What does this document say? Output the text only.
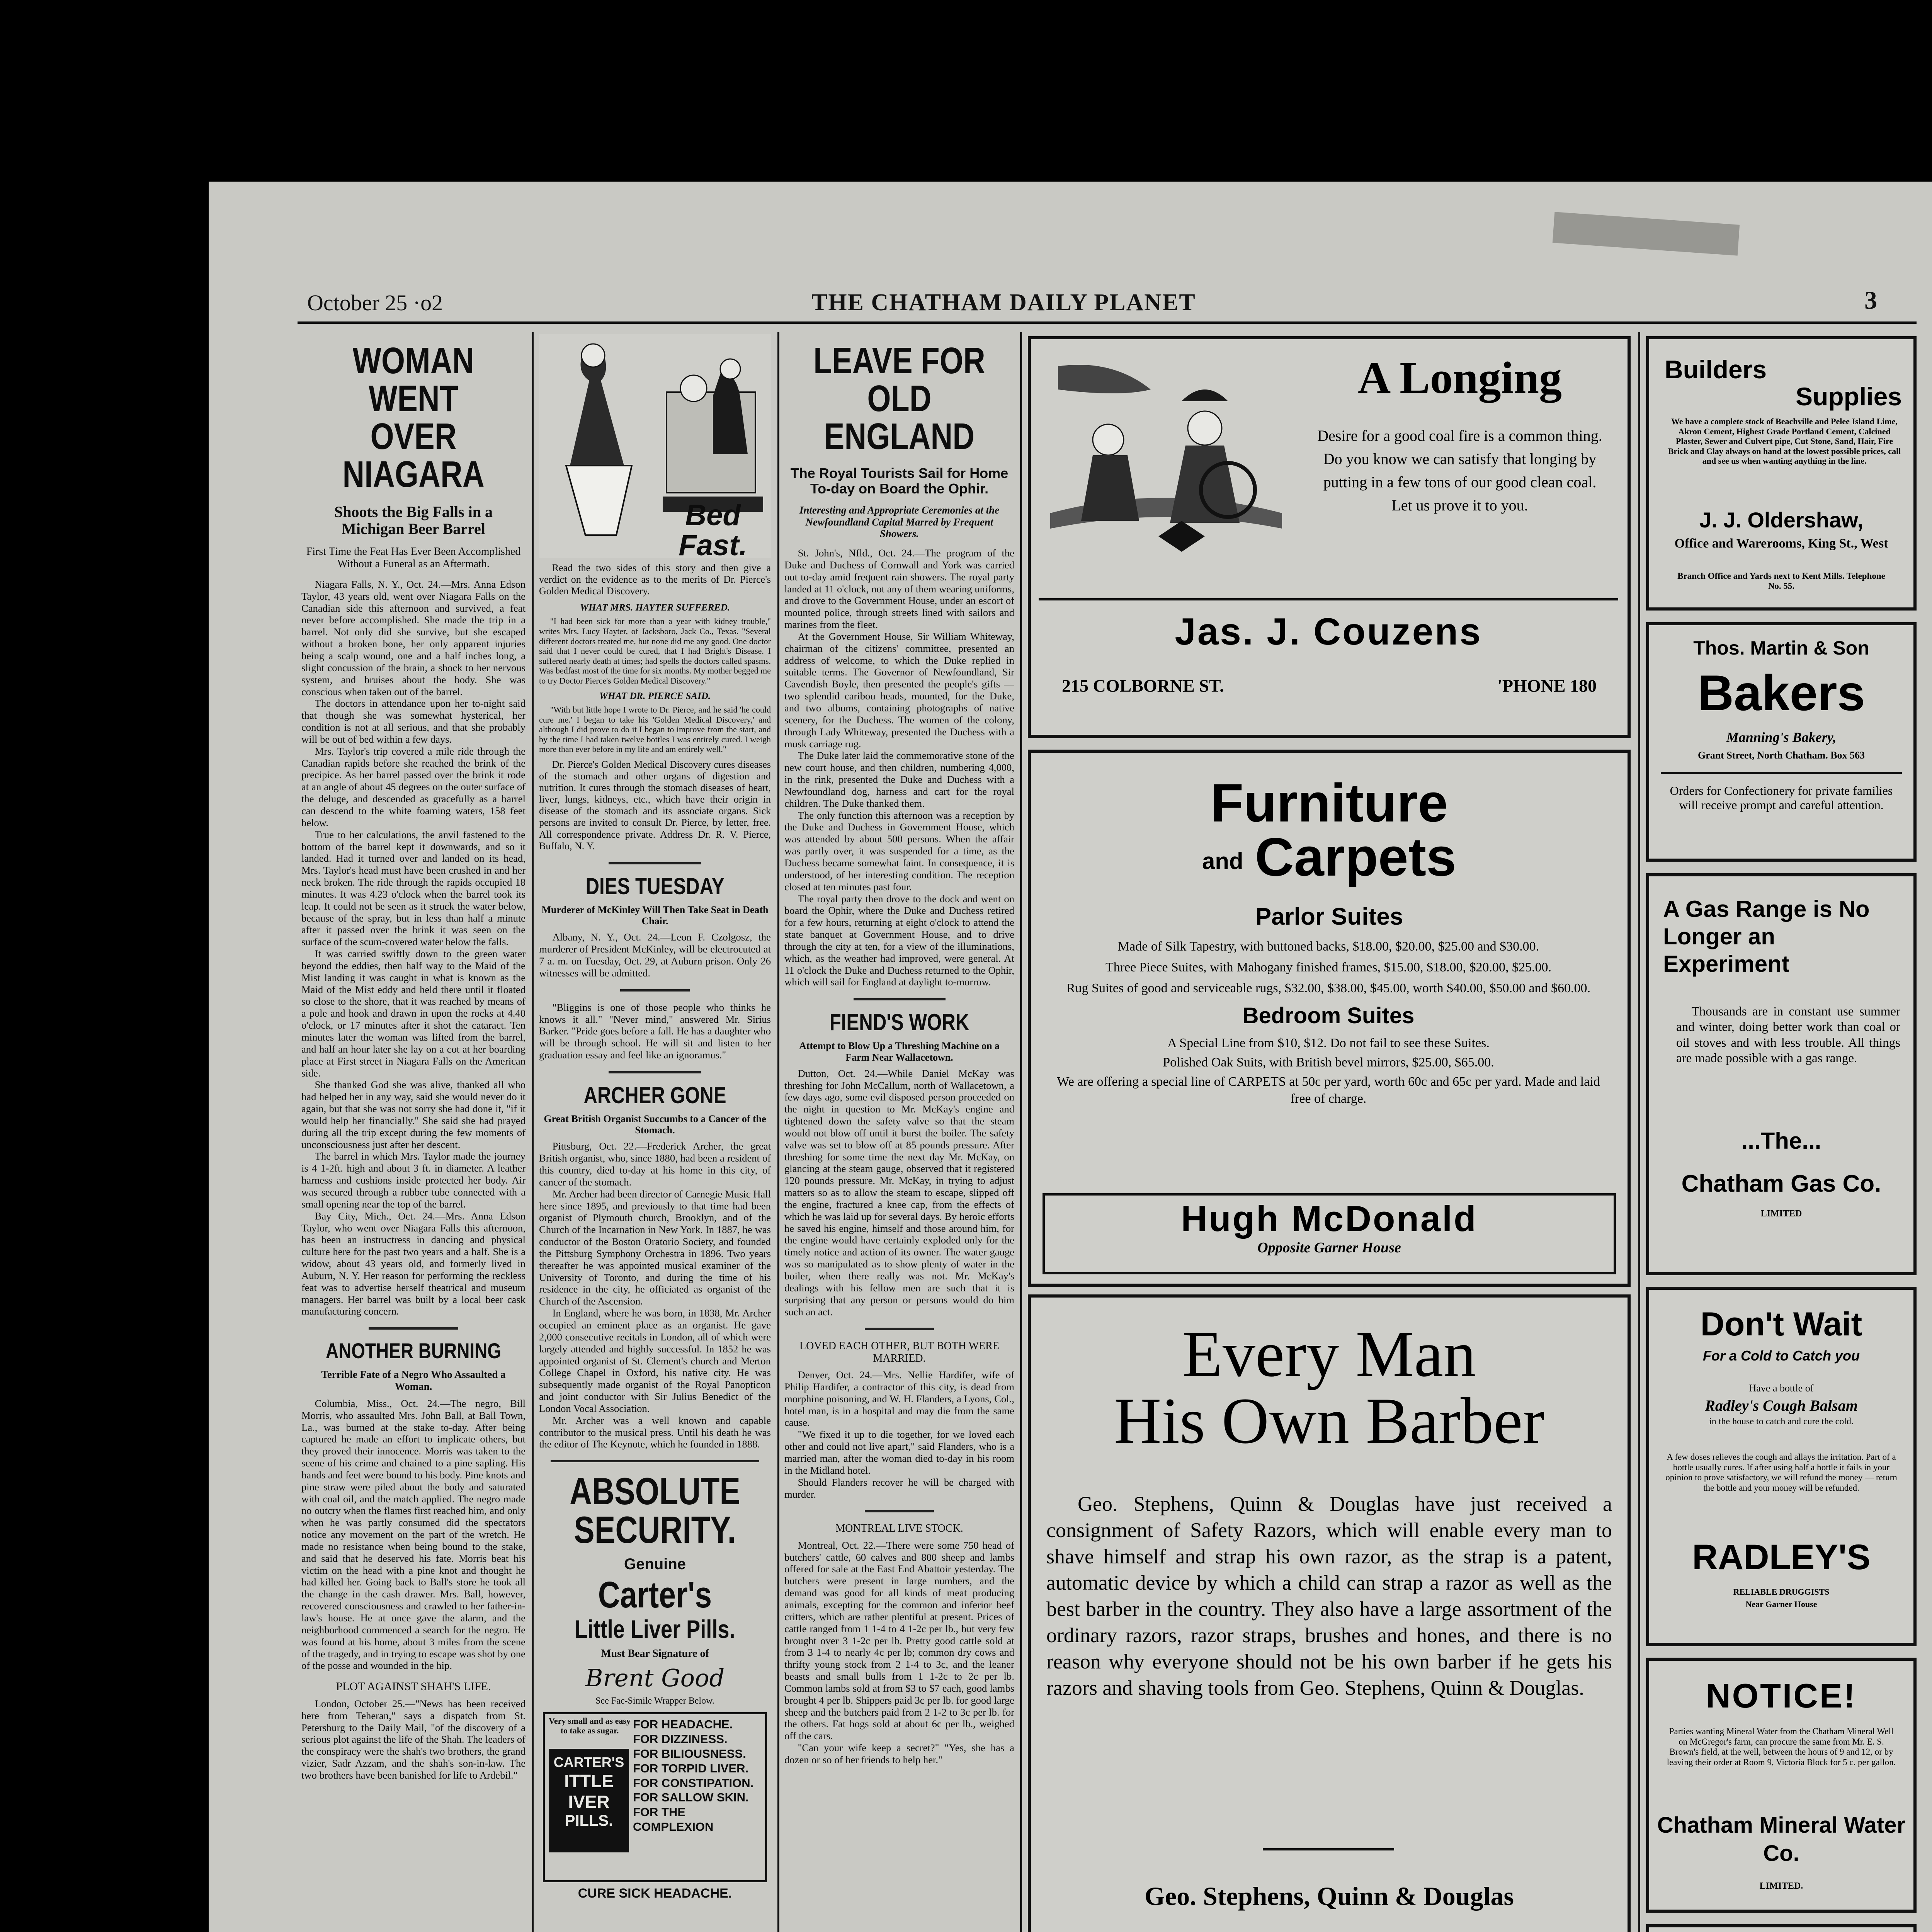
October 25 ·o2	THE CHATHAM DAILY PLANET	3
WOMAN WENT OVER NIAGARA
Shoots the Big Falls in a Michigan Beer Barrel
First Time the Feat Has Ever Been Accomplished Without a Funeral as an Aftermath.

Niagara Falls, N. Y., Oct. 24.—Mrs. Anna Edson Taylor, 43 years old, went over Niagara Falls on the Canadian side this afternoon and survived, a feat never before accomplished. She made the trip in a barrel. Not only did she survive, but she escaped without a broken bone, her only apparent injuries being a scalp wound, one and a half inches long, a slight concussion of the brain, a shock to her nervous system, and bruises about the body. She was conscious when taken out of the barrel.

The doctors in attendance upon her to-night said that though she was somewhat hysterical, her condition is not at all serious, and that she probably will be out of bed within a few days.

Mrs. Taylor's trip covered a mile ride through the Canadian rapids before she reached the brink of the precipice. As her barrel passed over the brink it rode at an angle of about 45 degrees on the outer surface of the deluge, and descended as gracefully as a barrel can descend to the white foaming waters, 158 feet below.

True to her calculations, the anvil fastened to the bottom of the barrel kept it downwards, and so it landed. Had it turned over and landed on its head, Mrs. Taylor's head must have been crushed in and her neck broken. The ride through the rapids occupied 18 minutes. It was 4.23 o'clock when the barrel took its leap. It could not be seen as it struck the water below, because of the spray, but in less than half a minute after it passed over the brink it was seen on the surface of the scum-covered water below the falls.

It was carried swiftly down to the green water beyond the eddies, then half way to the Maid of the Mist landing it was caught in what is known as the Maid of the Mist eddy and held there until it floated so close to the shore, that it was reached by means of a pole and hook and drawn in upon the rocks at 4.40 o'clock, or 17 minutes after it shot the cataract. Ten minutes later the woman was lifted from the barrel, and half an hour later she lay on a cot at her boarding place at First street in Niagara Falls on the American side.

She thanked God she was alive, thanked all who had helped her in any way, said she would never do it again, but that she was not sorry she had done it, "if it would help her financially." She said she had prayed during all the trip except during the few moments of unconsciousness just after her descent.

The barrel in which Mrs. Taylor made the journey is 4 1-2ft. high and about 3 ft. in diameter. A leather harness and cushions inside protected her body. Air was secured through a rubber tube connected with a small opening near the top of the barrel.

Bay City, Mich., Oct. 24.—Mrs. Anna Edson Taylor, who went over Niagara Falls this afternoon, has been an instructress in dancing and physical culture here for the past two years and a half. She is a widow, about 43 years old, and formerly lived in Auburn, N. Y. Her reason for performing the reckless feat was to advertise herself theatrical and museum managers. Her barrel was built by a local beer cask manufacturing concern.

ANOTHER BURNING
Terrible Fate of a Negro Who Assaulted a Woman.

Columbia, Miss., Oct. 24.—The negro, Bill Morris, who assaulted Mrs. John Ball, at Ball Town, La., was burned at the stake to-day. After being captured he made an effort to implicate others, but they proved their innocence. Morris was taken to the scene of his crime and chained to a pine sapling. His hands and feet were bound to his body. Pine knots and pine straw were piled about the body and saturated with coal oil, and the match applied. The negro made no outcry when the flames first reached him, and only when he was partly consumed did the spectators notice any movement on the part of the wretch. He made no resistance when being bound to the stake, and said that he deserved his fate. Morris beat his victim on the head with a pine knot and thought he had killed her. Going back to Ball's store he took all the change in the cash drawer. Mrs. Ball, however, recovered consciousness and crawled to her father-in-law's house. He at once gave the alarm, and the neighborhood commenced a search for the negro. He was found at his home, about 3 miles from the scene of the tragedy, and in trying to escape was shot by one of the posse and wounded in the hip.

PLOT AGAINST SHAH'S LIFE.

London, October 25.—"News has been received here from Teheran," says a dispatch from St. Petersburg to the Daily Mail, "of the discovery of a serious plot against the life of the Shah. The leaders of the conspiracy were the shah's two brothers, the grand vizier, Sadr Azzam, and the shah's son-in-law. The two brothers have been banished for life to Ardebil."

Bed
Fast.

Read the two sides of this story and then give a verdict on the evidence as to the merits of Dr. Pierce's Golden Medical Discovery.

WHAT MRS. HAYTER SUFFERED.

"I had been sick for more than a year with kidney trouble," writes Mrs. Lucy Hayter, of Jacksboro, Jack Co., Texas. "Several different doctors treated me, but none did me any good. One doctor said that I never could be cured, that I had Bright's Disease. I suffered nearly death at times; had spells the doctors called spasms. Was bedfast most of the time for six months. My mother begged me to try Doctor Pierce's Golden Medical Discovery."

WHAT DR. PIERCE SAID.

"With but little hope I wrote to Dr. Pierce, and he said 'he could cure me.' I began to take his 'Golden Medical Discovery,' and although I did prove to do it I began to improve from the start, and by the time I had taken twelve bottles I was entirely cured. I weigh more than ever before in my life and am entirely well."

Dr. Pierce's Golden Medical Discovery cures diseases of the stomach and other organs of digestion and nutrition. It cures through the stomach diseases of heart, liver, lungs, kidneys, etc., which have their origin in disease of the stomach and its associate organs. Sick persons are invited to consult Dr. Pierce, by letter, free. All correspondence private. Address Dr. R. V. Pierce, Buffalo, N. Y.

DIES TUESDAY
Murderer of McKinley Will Then Take Seat in Death Chair.

Albany, N. Y., Oct. 24.—Leon F. Czolgosz, the murderer of President McKinley, will be electrocuted at 7 a. m. on Tuesday, Oct. 29, at Auburn prison. Only 26 witnesses will be admitted.

"Bliggins is one of those people who thinks he knows it all." "Never mind," answered Mr. Sirius Barker. "Pride goes before a fall. He has a daughter who will be through school. He will sit and listen to her graduation essay and feel like an ignoramus."

ARCHER GONE
Great British Organist Succumbs to a Cancer of the Stomach.

Pittsburg, Oct. 22.—Frederick Archer, the great British organist, who, since 1880, had been a resident of this country, died to-day at his home in this city, of cancer of the stomach.

Mr. Archer had been director of Carnegie Music Hall here since 1895, and previously to that time had been organist of Plymouth church, Brooklyn, and of the Church of the Incarnation in New York. In 1887, he was conductor of the Boston Oratorio Society, and founded the Pittsburg Symphony Orchestra in 1896. Two years thereafter he was appointed musical examiner of the University of Toronto, and during the time of his residence in the city, he officiated as organist of the Church of the Ascension.

In England, where he was born, in 1838, Mr. Archer occupied an eminent place as an organist. He gave 2,000 consecutive recitals in London, all of which were largely attended and highly successful. In 1852 he was appointed organist of St. Clement's church and Merton College Chapel in Oxford, his native city. He was subsequently made organist of the Royal Panopticon and joint conductor with Sir Julius Benedict of the London Vocal Association.

Mr. Archer was a well known and capable contributor to the musical press. Until his death he was the editor of The Keynote, which he founded in 1888.

ABSOLUTE
SECURITY.
Genuine
Carter's
Little Liver Pills.
Must Bear Signature of
Brent Good
See Fac-Simile Wrapper Below.
Very small and as easy to take as sugar.
CARTER'S
ITTLE
IVER
PILLS.
FOR HEADACHE.
FOR DIZZINESS.
FOR BILIOUSNESS.
FOR TORPID LIVER.
FOR CONSTIPATION.
FOR SALLOW SKIN.
FOR THE COMPLEXION
CURE SICK HEADACHE.
LEAVE FOR OLD ENGLAND
The Royal Tourists Sail for Home To-day on Board the Ophir.
Interesting and Appropriate Ceremonies at the Newfoundland Capital Marred by Frequent Showers.

St. John's, Nfld., Oct. 24.—The program of the Duke and Duchess of Cornwall and York was carried out to-day amid frequent rain showers. The royal party landed at 11 o'clock, not any of them wearing uniforms, and drove to the Government House, under an escort of mounted police, through streets lined with sailors and marines from the fleet.

At the Government House, Sir William Whiteway, chairman of the citizens' committee, presented an address of welcome, to which the Duke replied in suitable terms. The Governor of Newfoundland, Sir Cavendish Boyle, then presented the people's gifts — two splendid caribou heads, mounted, for the Duke, and two albums, containing photographs of native scenery, for the Duchess. The women of the colony, through Lady Whiteway, presented the Duchess with a musk carriage rug.

The Duke later laid the commemorative stone of the new court house, and then children, numbering 4,000, in the rink, presented the Duke and Duchess with a Newfoundland dog, harness and cart for the royal children. The Duke thanked them.

The only function this afternoon was a reception by the Duke and Duchess in Government House, which was attended by about 500 persons. When the affair was partly over, it was suspended for a time, as the Duchess became somewhat faint. In consequence, it is understood, of her interesting condition. The reception closed at ten minutes past four.

The royal party then drove to the dock and went on board the Ophir, where the Duke and Duchess retired for a few hours, returning at eight o'clock to attend the state banquet at Government House, and to drive through the city at ten, for a view of the illuminations, which, as the weather had improved, were general. At 11 o'clock the Duke and Duchess returned to the Ophir, which will sail for England at daylight to-morrow.

FIEND'S WORK
Attempt to Blow Up a Threshing Machine on a Farm Near Wallacetown.

Dutton, Oct. 24.—While Daniel McKay was threshing for John McCallum, north of Wallacetown, a few days ago, some evil disposed person proceeded on the night in question to Mr. McKay's engine and tightened down the safety valve so that the steam would not blow off until it burst the boiler. The safety valve was set to blow off at 85 pounds pressure. After threshing for some time the next day Mr. McKay, on glancing at the steam gauge, observed that it registered 120 pounds pressure. Mr. McKay, in trying to adjust matters so as to allow the steam to escape, slipped off the engine, fractured a knee cap, from the effects of which he was laid up for several days. By heroic efforts he saved his engine, himself and those around him, for the engine would have certainly exploded only for the timely notice and action of its owner. The water gauge was so manipulated as to show plenty of water in the boiler, when there really was not. Mr. McKay's dealings with his fellow men are such that it is surprising that any person or persons would do him such an act.

LOVED EACH OTHER, BUT BOTH WERE MARRIED.

Denver, Oct. 24.—Mrs. Nellie Hardifer, wife of Philip Hardifer, a contractor of this city, is dead from morphine poisoning, and W. H. Flanders, a Lyons, Col., hotel man, is in a hospital and may die from the same cause.

"We fixed it up to die together, for we loved each other and could not live apart," said Flanders, who is a married man, after the woman died to-day in his room in the Midland hotel.

Should Flanders recover he will be charged with murder.

MONTREAL LIVE STOCK.

Montreal, Oct. 22.—There were some 750 head of butchers' cattle, 60 calves and 800 sheep and lambs offered for sale at the East End Abattoir yesterday. The butchers were present in large numbers, and the demand was good for all kinds of meat producing animals, excepting for the common and inferior beef critters, which are rather plentiful at present. Prices of cattle ranged from 1 1-4 to 4 1-2c per lb., but very few brought over 3 1-2c per lb. Pretty good cattle sold at from 3 1-4 to nearly 4c per lb; common dry cows and thrifty young stock from 2 1-4 to 3c, and the leaner beasts and small bulls from 1 1-2c to 2c per lb. Common lambs sold at from $3 to $7 each, good lambs brought 4 per lb. Shippers paid 3c per lb. for good large sheep and the butchers paid from 2 1-2 to 3c per lb. for the others. Fat hogs sold at about 6c per lb., weighed off the cars.

"Can your wife keep a secret?" "Yes, she has a dozen or so of her friends to help her."

A Longing
Desire for a good coal fire is a common thing. Do you know we can satisfy that longing by putting in a few tons of our good clean coal. Let us prove it to you.
Jas. J. Couzens
215 COLBORNE ST.	'PHONE 180
Furniture
and Carpets
Parlor Suites
Made of Silk Tapestry, with buttoned backs, $18.00, $20.00, $25.00 and $30.00.
Three Piece Suites, with Mahogany finished frames, $15.00, $18.00, $20.00, $25.00.
Rug Suites of good and serviceable rugs, $32.00, $38.00, $45.00, worth $40.00, $50.00 and $60.00.
Bedroom Suites
A Special Line from $10, $12. Do not fail to see these Suites.
Polished Oak Suits, with British bevel mirrors, $25.00, $65.00.
We are offering a special line of CARPETS at 50c per yard, worth 60c and 65c per yard. Made and laid free of charge.
Hugh McDonald
Opposite Garner House
Every Man
His Own Barber
Geo. Stephens, Quinn & Douglas have just received a consignment of Safety Razors, which will enable every man to shave himself and strap his own razor, as the strap is a patent, automatic device by which a child can strap a razor as well as the best barber in the country. They also have a large assortment of the ordinary razors, razor straps, brushes and hones, and there is no reason why everyone should not be his own barber if he gets his razors and shaving tools from Geo. Stephens, Quinn & Douglas.
Geo. Stephens, Quinn & Douglas
Builders
Supplies
We have a complete stock of Beachville and Pelee Island Lime, Akron Cement, Highest Grade Portland Cement, Calcined Plaster, Sewer and Culvert pipe, Cut Stone, Sand, Hair, Fire Brick and Clay always on hand at the lowest possible prices, call and see us when wanting anything in the line.
J. J. Oldershaw,
Office and Warerooms, King St., West
Branch Office and Yards next to Kent Mills. Telephone No. 55.
Thos. Martin & Son
Bakers
Manning's Bakery,
Grant Street, North Chatham. Box 563
Orders for Confectionery for private families will receive prompt and careful attention.
A Gas Range is No Longer an Experiment
Thousands are in constant use summer and winter, doing better work than coal or oil stoves and with less trouble. All things are made possible with a gas range.
...The...
Chatham Gas Co.
LIMITED
Don't Wait
For a Cold to Catch you
Have a bottle of
Radley's Cough Balsam
in the house to catch and cure the cold.
A few doses relieves the cough and allays the irritation. Part of a bottle usually cures. If after using half a bottle it fails in your opinion to prove satisfactory, we will refund the money — return the bottle and your money will be refunded.
RADLEY'S
RELIABLE DRUGGISTS
Near Garner House
NOTICE!
Parties wanting Mineral Water from the Chatham Mineral Well on McGregor's farm, can procure the same from Mr. E. S. Brown's field, at the well, between the hours of 9 and 12, or by leaving their order at Room 9, Victoria Block for 5 c. per gallon.
Chatham Mineral Water Co.
LIMITED.
